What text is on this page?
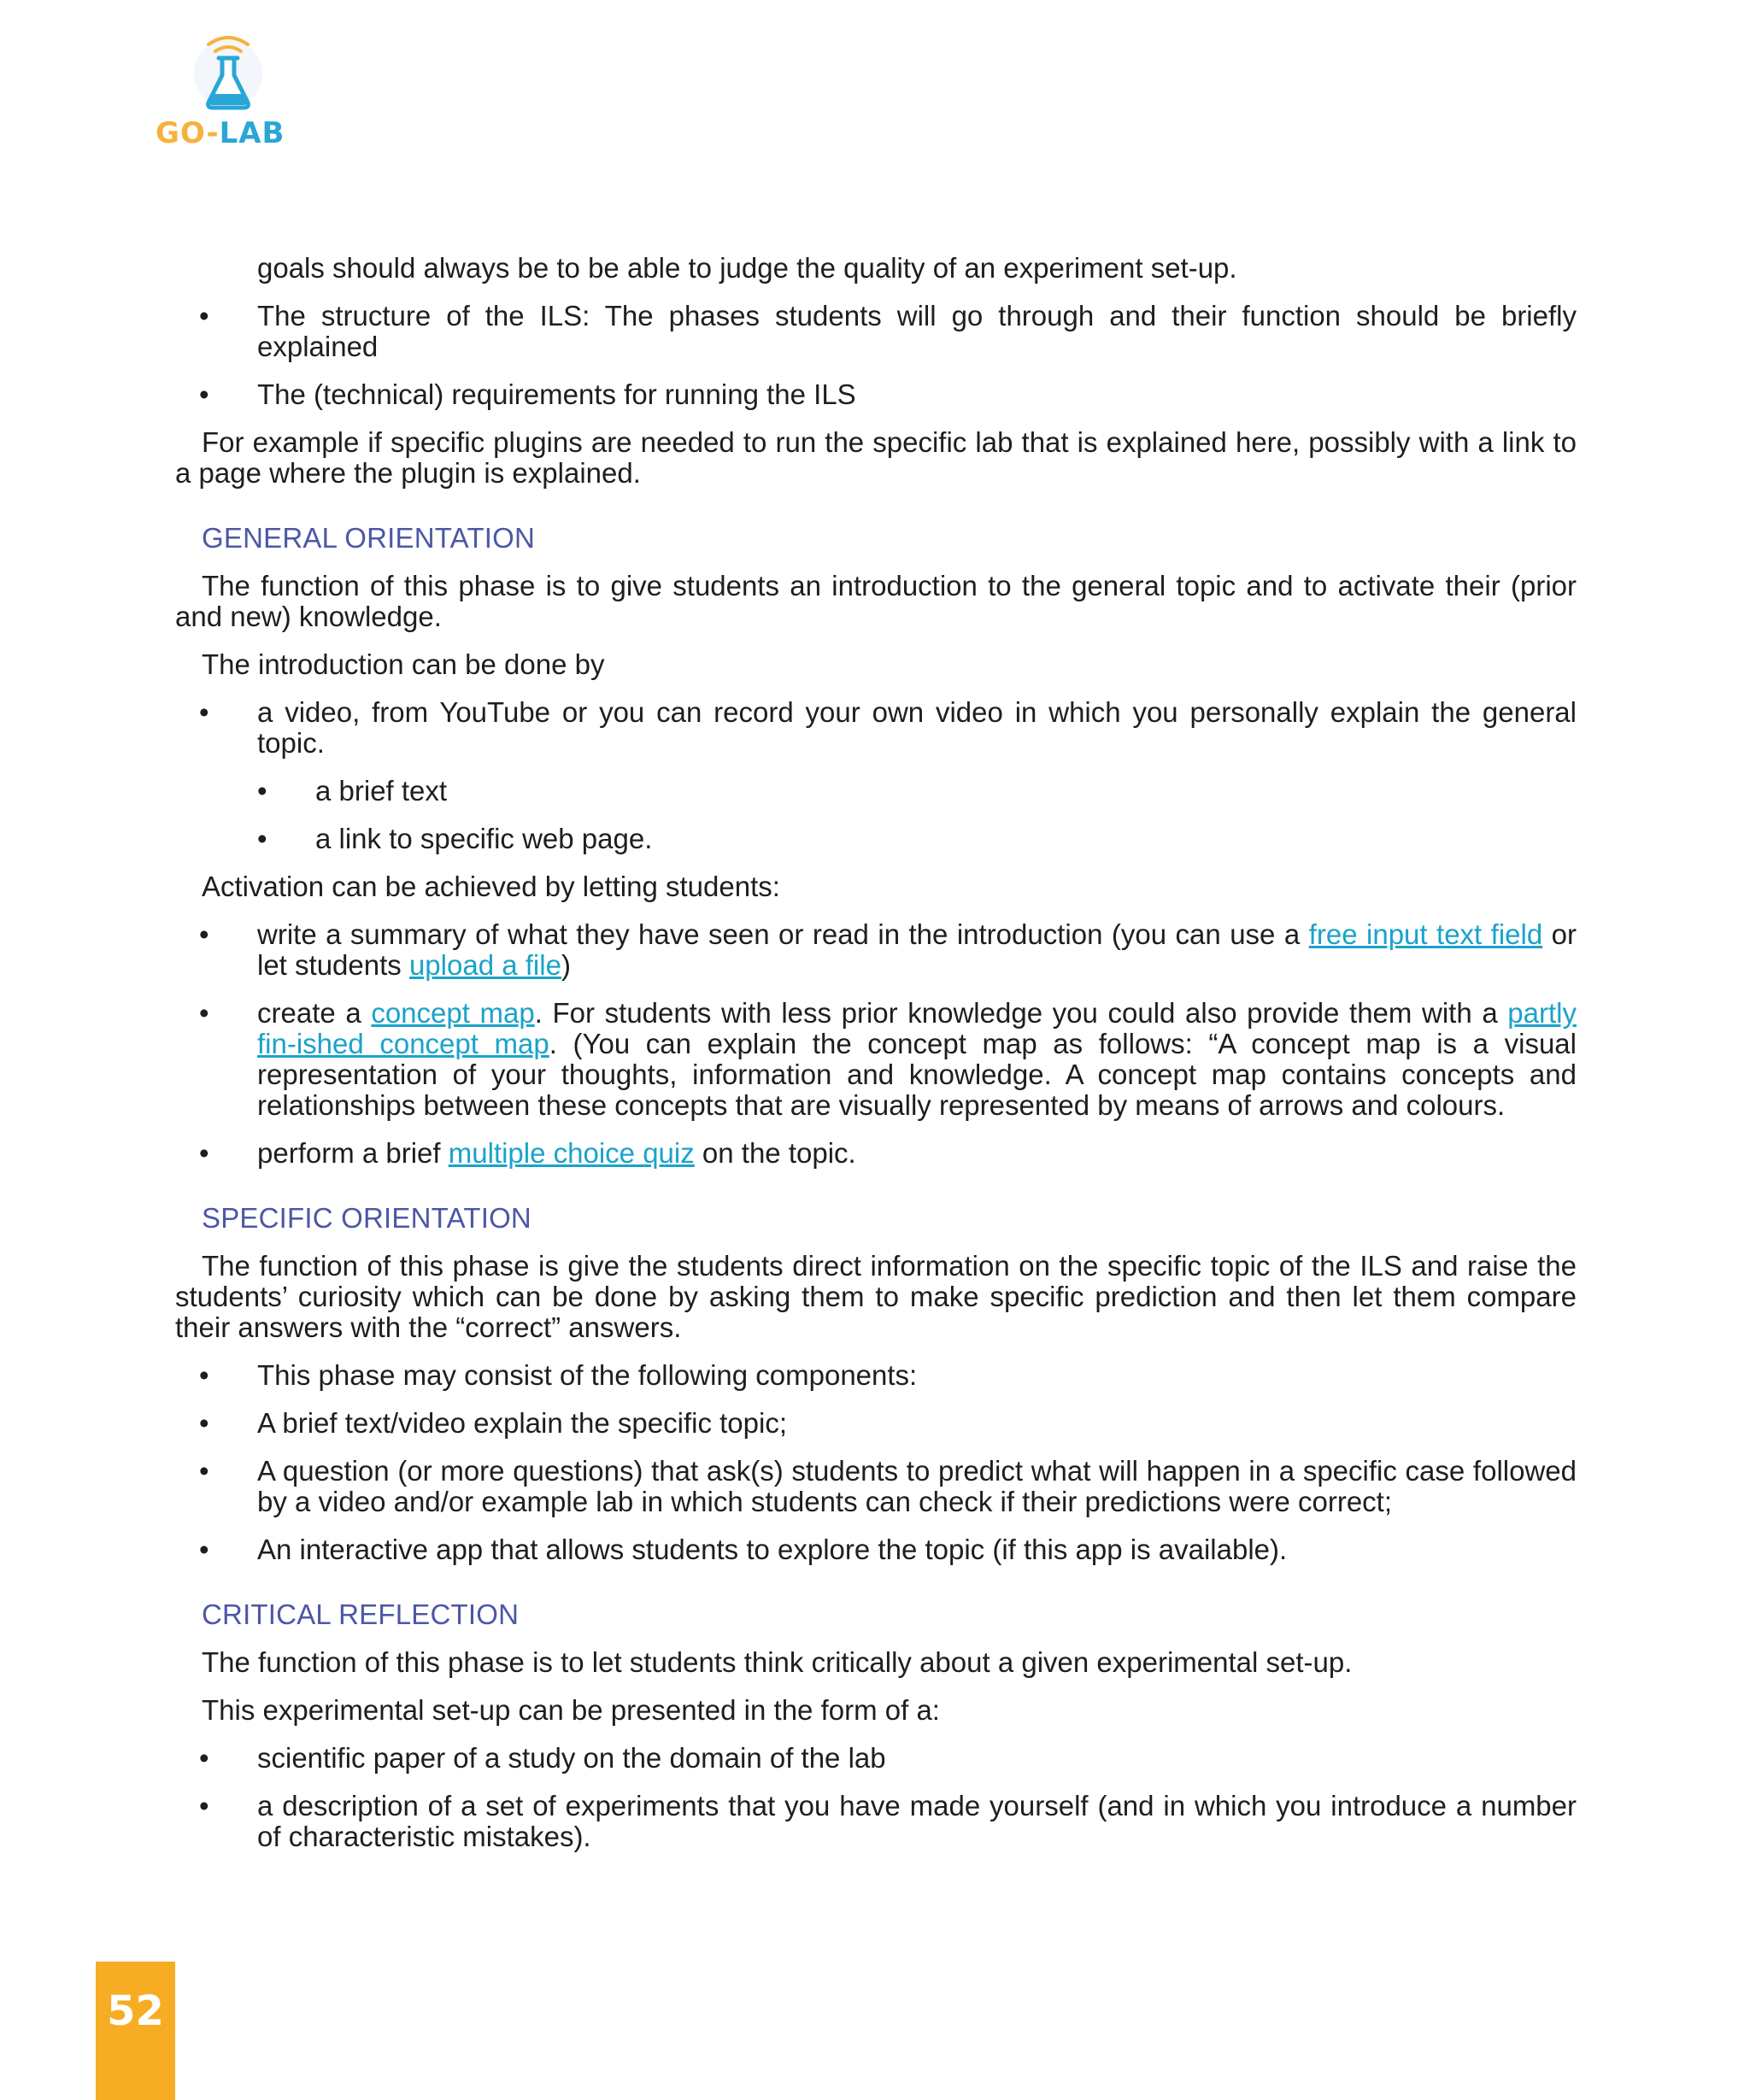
GO-LAB
goals should always be to be able to judge the quality of an experiment set-up.
• The structure of the ILS: The phases students will go through and their function should be briefly explained
• The (technical) requirements for running the ILS
For example if specific plugins are needed to run the specific lab that is explained here, possibly with a link to a page where the plugin is explained.
GENERAL ORIENTATION
The function of this phase is to give students an introduction to the general topic and to activate their (prior and new) knowledge.
The introduction can be done by
• a video, from YouTube or you can record your own video in which you personally explain the general topic.
• a brief text
• a link to specific web page.
Activation can be achieved by letting students:
• write a summary of what they have seen or read in the introduction (you can use a free input text field or let students upload a file)
• create a concept map. For students with less prior knowledge you could also provide them with a partly fin-ished concept map. (You can explain the concept map as follows: “A concept map is a visual representation of your thoughts, information and knowledge. A concept map contains concepts and relationships between these concepts that are visually represented by means of arrows and colours.
• perform a brief multiple choice quiz on the topic.
SPECIFIC ORIENTATION
The function of this phase is give the students direct information on the specific topic of the ILS and raise the students’ curiosity which can be done by asking them to make specific prediction and then let them compare their answers with the “correct” answers.
• This phase may consist of the following components:
• A brief text/video explain the specific topic;
• A question (or more questions) that ask(s) students to predict what will happen in a specific case followed by a video and/or example lab in which students can check if their predictions were correct;
• An interactive app that allows students to explore the topic (if this app is available).
CRITICAL REFLECTION
The function of this phase is to let students think critically about a given experimental set-up.
This experimental set-up can be presented in the form of a:
• scientific paper of a study on the domain of the lab
• a description of a set of experiments that you have made yourself (and in which you introduce a number of characteristic mistakes).
52
